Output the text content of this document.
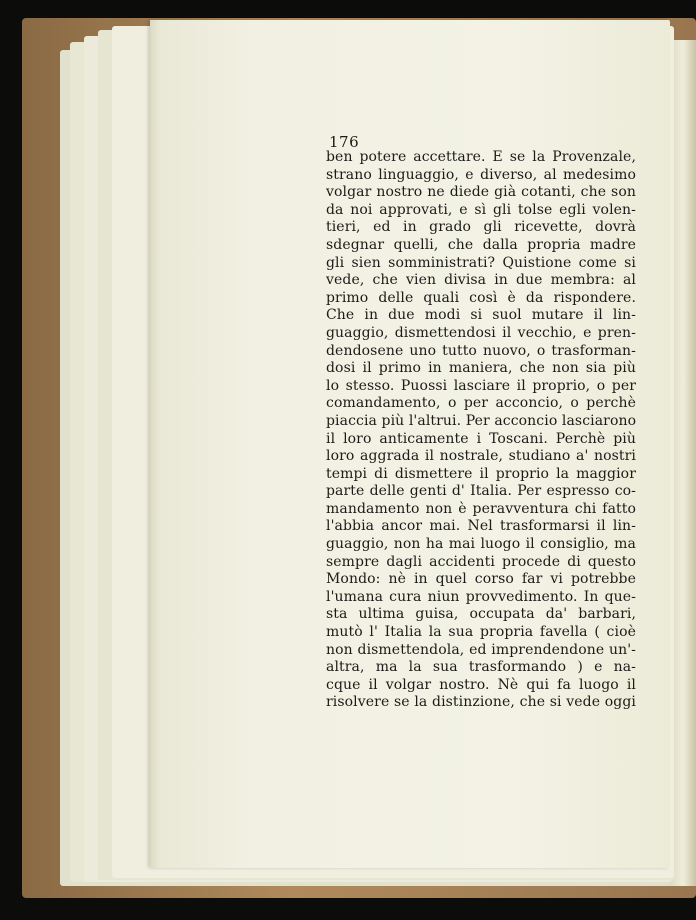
176
ben potere accettare. E se la Provenzale,
strano linguaggio, e diverso, al medesimo
volgar nostro ne diede già cotanti, che son
da noi approvati, e sì gli tolse egli volen-
tieri, ed in grado gli ricevette, dovrà
sdegnar quelli, che dalla propria madre
gli sien somministrati? Quistione come si
vede, che vien divisa in due membra: al
primo delle quali così è da rispondere.
Che in due modi si suol mutare il lin-
guaggio, dismettendosi il vecchio, e pren-
dendosene uno tutto nuovo, o trasforman-
dosi il primo in maniera, che non sia più
lo stesso. Puossi lasciare il proprio, o per
comandamento, o per acconcio, o perchè
piaccia più l'altrui. Per acconcio lasciarono
il loro anticamente i Toscani. Perchè più
loro aggrada il nostrale, studiano a' nostri
tempi di dismettere il proprio la maggior
parte delle genti d' Italia. Per espresso co-
mandamento non è peravventura chi fatto
l'abbia ancor mai. Nel trasformarsi il lin-
guaggio, non ha mai luogo il consiglio, ma
sempre dagli accidenti procede di questo
Mondo: nè in quel corso far vi potrebbe
l'umana cura niun provvedimento. In que-
sta ultima guisa, occupata da' barbari,
mutò l' Italia la sua propria favella ( cioè
non dismettendola, ed imprendendone un'-
altra, ma la sua trasformando ) e na-
cque il volgar nostro. Nè qui fa luogo il
risolvere se la distinzione, che si vede oggi
